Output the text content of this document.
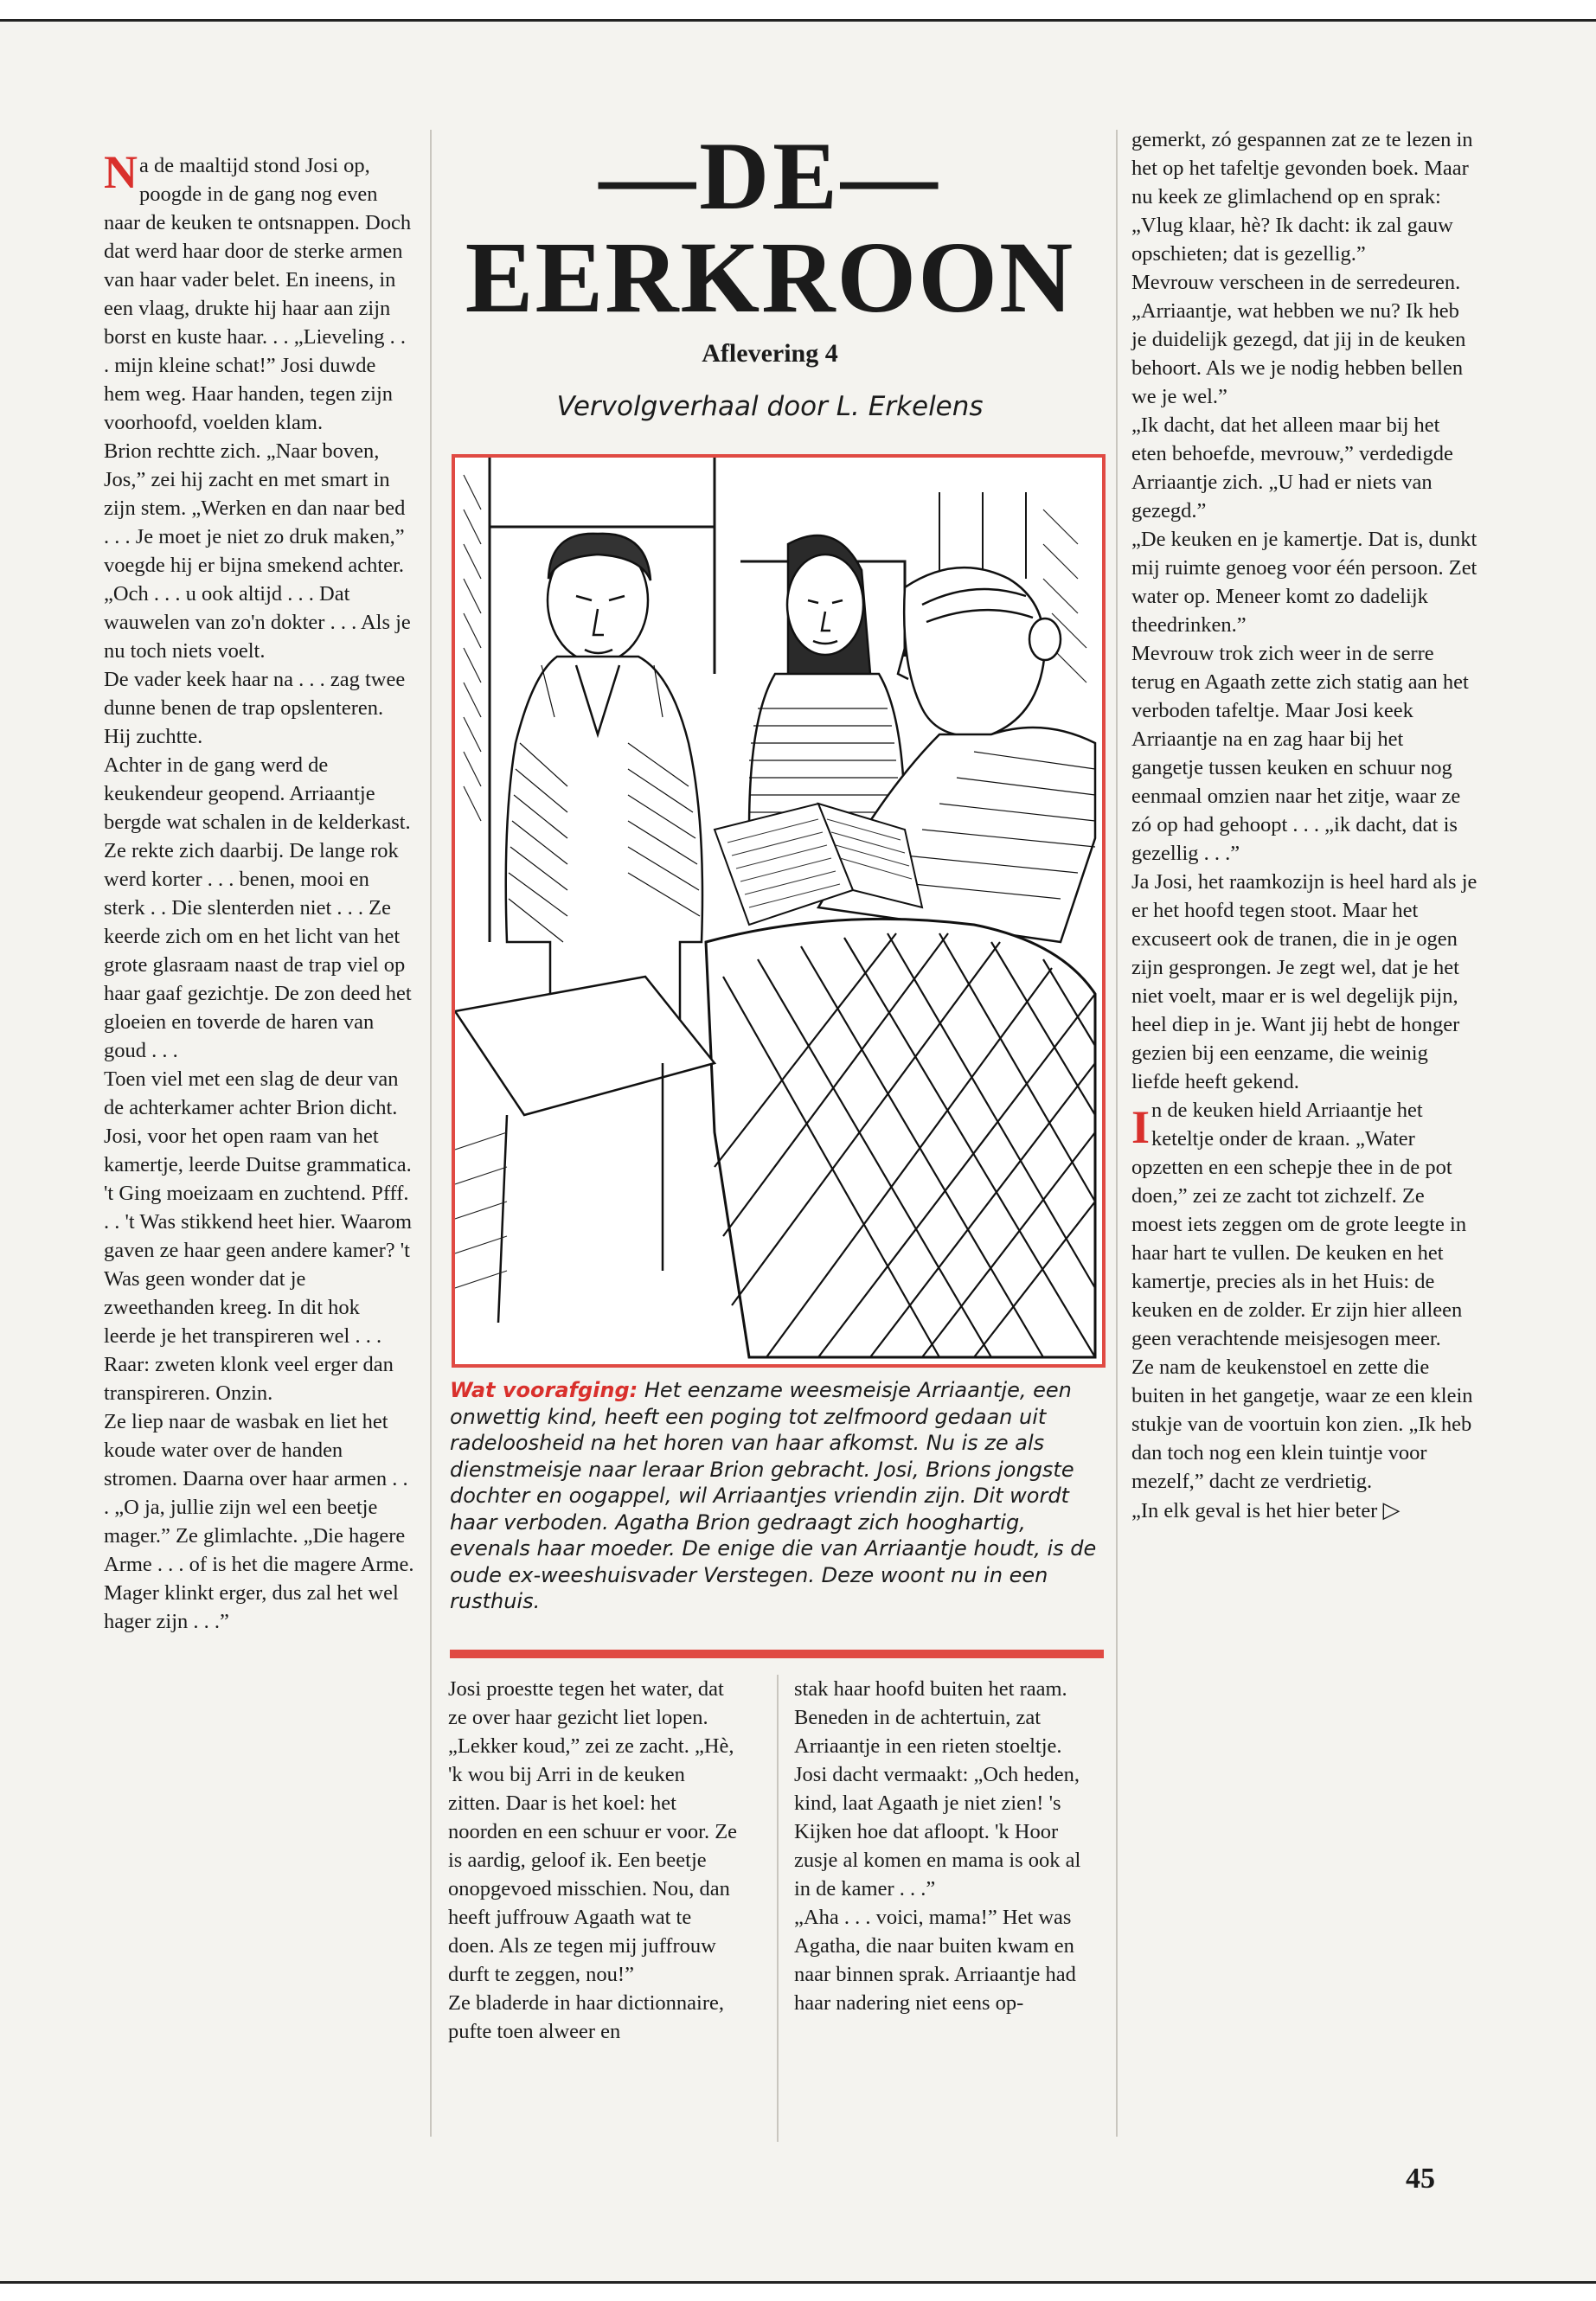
Na de maaltijd stond Josi op, poogde in de gang nog even naar de keuken te ontsnappen. Doch dat werd haar door de sterke armen van haar vader belet. En ineens, in een vlaag, drukte hij haar aan zijn borst en kuste haar. . . „Lieveling . . . mijn kleine schat!” Josi duwde hem weg. Haar handen, tegen zijn voorhoofd, voelden klam.
Brion rechtte zich. „Naar boven, Jos,” zei hij zacht en met smart in zijn stem. „Werken en dan naar bed . . . Je moet je niet zo druk maken,” voegde hij er bijna smekend achter.
„Och . . . u ook altijd . . . Dat wauwelen van zo'n dokter . . . Als je nu toch niets voelt.
De vader keek haar na . . . zag twee dunne benen de trap opslenteren. Hij zuchtte.
Achter in de gang werd de keukendeur geopend. Arriaantje bergde wat schalen in de kelderkast. Ze rekte zich daarbij. De lange rok werd korter . . . benen, mooi en sterk . . Die slenterden niet . . . Ze keerde zich om en het licht van het grote glasraam naast de trap viel op haar gaaf gezichtje. De zon deed het gloeien en toverde de haren van goud . . .
Toen viel met een slag de deur van de achterkamer achter Brion dicht.
Josi, voor het open raam van het kamertje, leerde Duitse grammatica. 't Ging moeizaam en zuchtend. Pfff. . . 't Was stikkend heet hier. Waarom gaven ze haar geen andere kamer? 't Was geen wonder dat je zweethanden kreeg. In dit hok leerde je het transpireren wel . . . Raar: zweten klonk veel erger dan transpireren. Onzin.
Ze liep naar de wasbak en liet het koude water over de handen stromen. Daarna over haar armen . . . „O ja, jullie zijn wel een beetje mager.” Ze glimlachte. „Die hagere Arme . . . of is het die magere Arme. Mager klinkt erger, dus zal het wel hager zijn . . .”
—DE—
EERKROON
Aflevering 4
Vervolgverhaal door L. Erkelens
Wat voorafging: Het eenzame weesmeisje Arriaantje, een onwettig kind, heeft een poging tot zelfmoord gedaan uit radeloosheid na het horen van haar afkomst. Nu is ze als dienstmeisje naar leraar Brion gebracht. Josi, Brions jongste dochter en oogappel, wil Arriaantjes vriendin zijn. Dit wordt haar verboden. Agatha Brion gedraagt zich hooghartig, evenals haar moeder. De enige die van Arriaantje houdt, is de oude ex-weeshuisvader Verstegen. Deze woont nu in een rusthuis.
Josi proestte tegen het water, dat ze over haar gezicht liet lopen.
„Lekker koud,” zei ze zacht. „Hè, 'k wou bij Arri in de keuken zitten. Daar is het koel: het noorden en een schuur er voor. Ze is aardig, geloof ik. Een beetje onopgevoed misschien. Nou, dan heeft juffrouw Agaath wat te doen. Als ze tegen mij juffrouw durft te zeggen, nou!”
Ze bladerde in haar dictionnaire, pufte toen alweer en
stak haar hoofd buiten het raam.
Beneden in de achtertuin, zat Arriaantje in een rieten stoeltje. Josi dacht vermaakt: „Och heden, kind, laat Agaath je niet zien! 's Kijken hoe dat afloopt. 'k Hoor zusje al komen en mama is ook al in de kamer . . .”
„Aha . . . voici, mama!” Het was Agatha, die naar buiten kwam en naar binnen sprak. Arriaantje had haar nadering niet eens op-
gemerkt, zó gespannen zat ze te lezen in het op het tafeltje gevonden boek. Maar nu keek ze glimlachend op en sprak:
„Vlug klaar, hè? Ik dacht: ik zal gauw opschieten; dat is gezellig.”
Mevrouw verscheen in de serredeuren.
„Arriaantje, wat hebben we nu? Ik heb je duidelijk gezegd, dat jij in de keuken behoort. Als we je nodig hebben bellen we je wel.”
„Ik dacht, dat het alleen maar bij het eten behoefde, mevrouw,” verdedigde Arriaantje zich. „U had er niets van gezegd.”
„De keuken en je kamertje. Dat is, dunkt mij ruimte genoeg voor één persoon. Zet water op. Meneer komt zo dadelijk theedrinken.”
Mevrouw trok zich weer in de serre terug en Agaath zette zich statig aan het verboden tafeltje. Maar Josi keek Arriaantje na en zag haar bij het gangetje tussen keuken en schuur nog eenmaal omzien naar het zitje, waar ze zó op had gehoopt . . . „ik dacht, dat is gezellig . . .”
Ja Josi, het raamkozijn is heel hard als je er het hoofd tegen stoot. Maar het excuseert ook de tranen, die in je ogen zijn gesprongen. Je zegt wel, dat je het niet voelt, maar er is wel degelijk pijn, heel diep in je. Want jij hebt de honger gezien bij een eenzame, die weinig liefde heeft gekend.

I n de keuken hield Arriaantje het keteltje onder de kraan. „Water opzetten en een schepje thee in de pot doen,” zei ze zacht tot zichzelf. Ze moest iets zeggen om de grote leegte in haar hart te vullen. De keuken en het kamertje, precies als in het Huis: de keuken en de zolder. Er zijn hier alleen geen verachtende meisjesogen meer.
Ze nam de keukenstoel en zette die buiten in het gangetje, waar ze een klein stukje van de voortuin kon zien. „Ik heb dan toch nog een klein tuintje voor mezelf,” dacht ze verdrietig.
„In elk geval is het hier beter ▷
45
